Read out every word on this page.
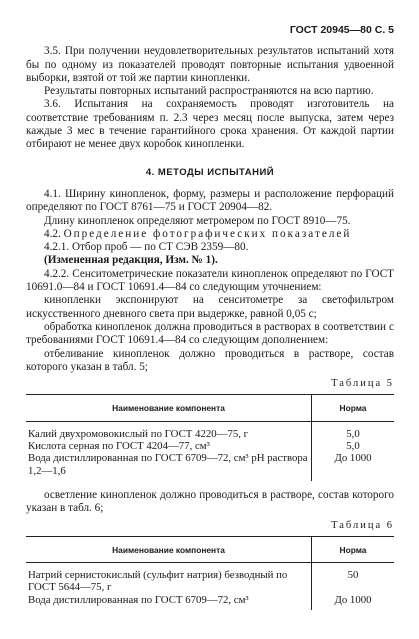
ГОСТ 20945—80 С. 5

3.5. При получении неудовлетворительных результатов испытаний хотя бы по одному из показателей проводят повторные испытания удвоенной выборки, взятой от той же партии кинопленки.

Результаты повторных испытаний распространяются на всю партию.

3.6. Испытания на сохраняемость проводят изготовитель на соответствие требованиям п. 2.3 через месяц после выпуска, затем через каждые 3 мес в течение гарантийного срока хранения. От каждой партии отбирают не менее двух коробок кинопленки.

4. МЕТОДЫ ИСПЫТАНИЙ

4.1. Ширину кинопленок, форму, размеры и расположение перфораций определяют по ГОСТ 8761—75 и ГОСТ 20904—82.

Длину кинопленок определяют метромером по ГОСТ 8910—75.

4.2. Определение фотографических показателей

4.2.1. Отбор проб — по СТ СЭВ 2359—80.

(Измененная редакция, Изм. № 1).

4.2.2. Сенситометрические показатели кинопленок определяют по ГОСТ 10691.0—84 и ГОСТ 10691.4—84 со следующим уточнением:

кинопленки экспонируют на сенситометре за светофильтром искусственного дневного света при выдержке, равной 0,05 с;

обработка кинопленок должна проводиться в растворах в соответствии с требованиями ГОСТ 10691.4—84 со следующим дополнением:

отбеливание кинопленок должно проводиться в растворе, состав которого указан в табл. 5;

Таблица 5
Наименование компонента	Норма
Калий двухромовокислый по ГОСТ 4220—75, г	5,0
Кислота серная по ГОСТ 4204—77, см³	5,0
Вода дистиллированная по ГОСТ 6709—72, см³ pH раствора 1,2—1,6	До 1000

осветление кинопленок должно проводиться в растворе, состав которого указан в табл. 6;

Таблица 6
Наименование компонента	Норма
Натрий сернистокислый (сульфит натрия) безводный по ГОСТ 5644—75, г	50
Вода дистиллированная по ГОСТ 6709—72, см³	До 1000
